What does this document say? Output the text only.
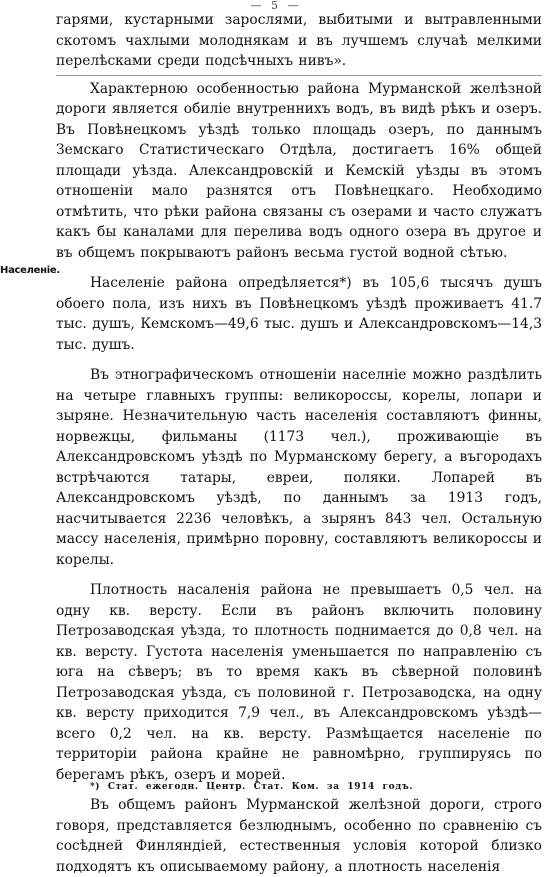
— 5 —
Населеніе.

гарями, кустарными зарослями, выбитыми и вытравленными скотомъ чахлыми молоднякам и въ лучшемъ случаѣ мелкими перелѣсками среди подсѣчныхъ нивъ».

Характерною особенностью района Мурманской желѣзной дороги является обиліе внутреннихъ водъ, въ видѣ рѣкъ и озеръ. Въ Повѣнецкомъ уѣздѣ только площадь озеръ, по даннымъ Земскаго Статистическаго Отдѣла, достигаетъ 16% общей площади уѣзда. Александровскій и Кемскій уѣзды въ этомъ отношеніи мало разнятся отъ Повѣнецкаго. Необходимо отмѣтить, что рѣки района связаны съ озерами и часто служатъ какъ бы каналами для перелива водъ одного озера въ другое и въ общемъ покрываютъ районъ весьма густой водной сѣтью.

Населеніе района опредѣляется*) въ 105,6 тысячъ душъ обоего пола, изъ нихъ въ Повѣнецкомъ уѣздѣ проживаетъ 41.7 тыс. душъ, Кемскомъ—49,6 тыс. душъ и Александровскомъ—14,3 тыс. душъ.

Въ этнографическомъ отношеніи населніе можно раздѣлить на четыре главныхъ группы: великороссы, корелы, лопари и зыряне. Незначительную часть населенія составляютъ финны, норвежцы, фильманы (1173 чел.), проживающіе въ Александровскомъ уѣздѣ по Мурманскому берегу, а въгородахъ встрѣчаются татары, евреи, поляки. Лопарей въ Александровскомъ уѣздѣ, по даннымъ за 1913 годъ, насчитывается 2236 человѣкъ, а зырянъ 843 чел. Остальную массу населенія, примѣрно поровну, составляютъ великороссы и корелы.

Плотность насаленія района не превышаетъ 0,5 чел. на одну кв. версту. Если въ районъ включить половину Петрозаводская уѣзда, то плотность поднимается до 0,8 чел. на кв. версту. Густота населенія уменьшается по направленію съ юга на сѣверъ; въ то время какъ въ сѣверной половинѣ Петрозаводская уѣзда, съ половиной г. Петрозаводска, на одну кв. версту приходится 7,9 чел., въ Александровскомъ уѣздѣ—всего 0,2 чел. на кв. версту. Размѣщается населеніе по территоріи района крайне не равномѣрно, группируясь по берегамъ рѣкъ, озеръ и морей.

Въ общемъ районъ Мурманской желѣзной дороги, строго говоря, представляется безлюднымъ, особенно по сравненію съ сосѣдней Финляндіей, естественныя условія которой близко подходятъ къ описываемому району, а плотность населенія

*) Стат. ежегодн. Центр. Стат. Ком. за 1914 годъ.
